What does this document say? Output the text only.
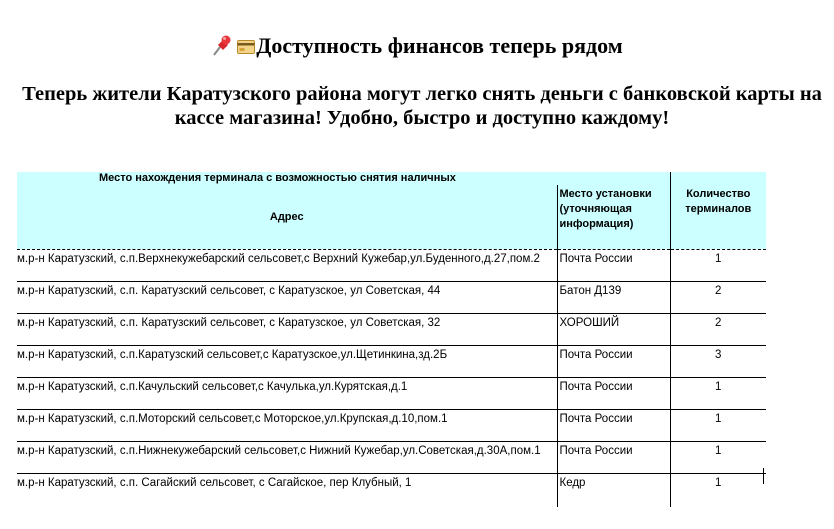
Доступность финансов теперь рядом
Теперь жители Каратузского района могут легко снять деньги с банковской карты на кассе магазина! Удобно, быстро и доступно каждому!
Место нахождения терминала с возможностью снятия наличных		
Адрес	Место установки (уточняющая информация)	Количество терминалов
м.р-н Каратузский, с.п.Верхнекужебарский сельсовет,с Верхний Кужебар,ул.Буденного,д.27,пом.2	Почта России	1
м.р-н Каратузский, с.п. Каратузский сельсовет, с Каратузское, ул Советская, 44	Батон Д139	2
м.р-н Каратузский, с.п. Каратузский сельсовет, с Каратузское, ул Советская, 32	ХОРОШИЙ	2
м.р-н Каратузский, с.п.Каратузский сельсовет,с Каратузское,ул.Щетинкина,зд.2Б	Почта России	3
м.р-н Каратузский, с.п.Качульский сельсовет,с Качулька,ул.Курятская,д.1	Почта России	1
м.р-н Каратузский, с.п.Моторский сельсовет,с Моторское,ул.Крупская,д.10,пом.1	Почта России	1
м.р-н Каратузский, с.п.Нижнекужебарский сельсовет,с Нижний Кужебар,ул.Советская,д.30А,пом.1	Почта России	1
м.р-н Каратузский, с.п. Сагайский сельсовет, с Сагайское, пер Клубный, 1	Кедр	1
